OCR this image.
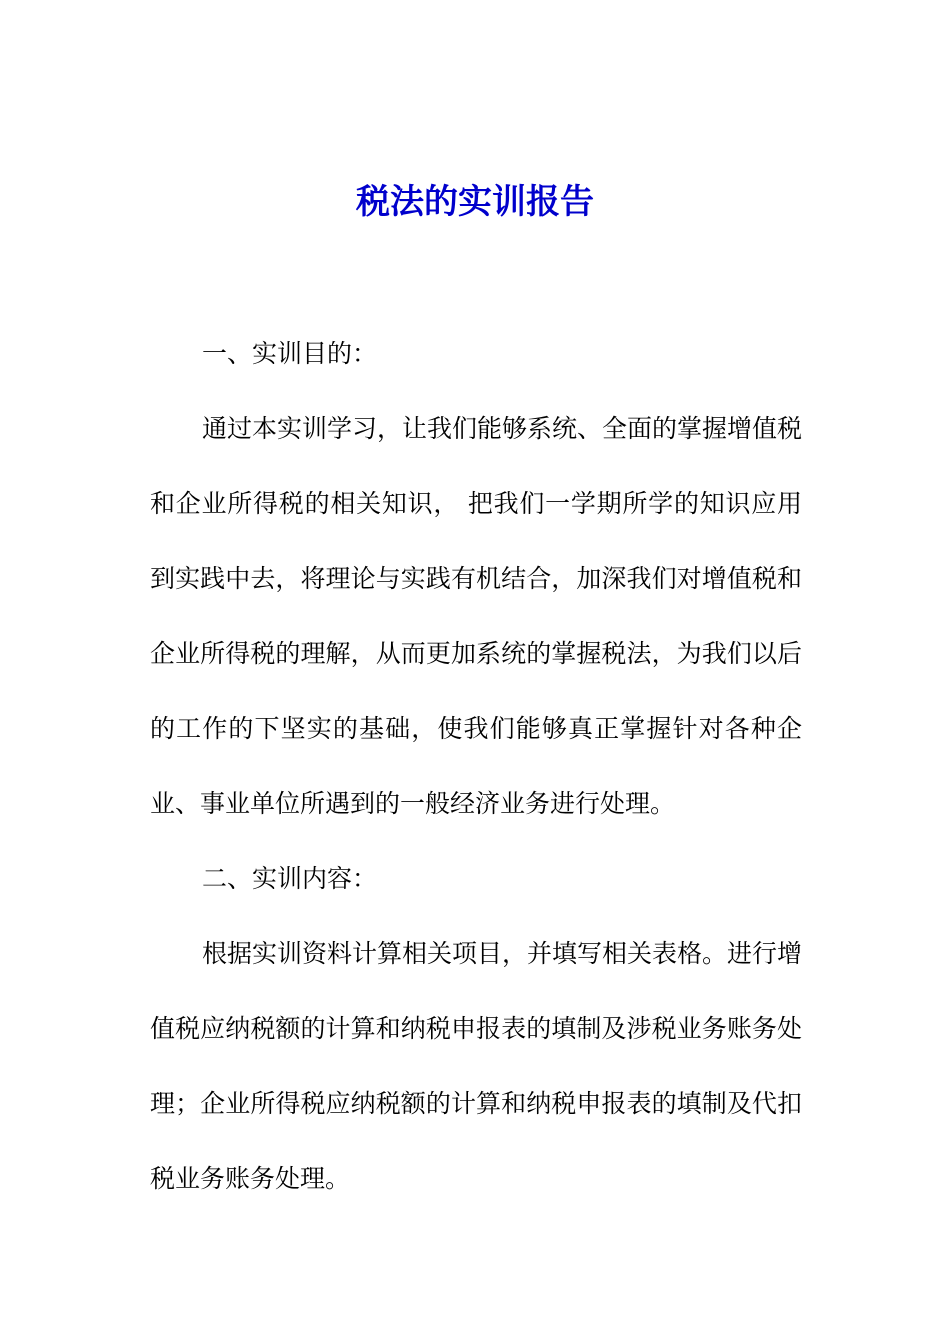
税法的实训报告

一、实训目的：

通过本实训学习，让我们能够系统、全面的掌握增值税和企业所得税的相关知识， 把我们一学期所学的知识应用到实践中去，将理论与实践有机结合，加深我们对增值税和企业所得税的理解，从而更加系统的掌握税法，为我们以后的工作的下坚实的基础，使我们能够真正掌握针对各种企业、事业单位所遇到的一般经济业务进行处理。

二、实训内容：

根据实训资料计算相关项目，并填写相关表格。进行增值税应纳税额的计算和纳税申报表的填制及涉税业务账务处理；企业所得税应纳税额的计算和纳税申报表的填制及代扣税业务账务处理。
